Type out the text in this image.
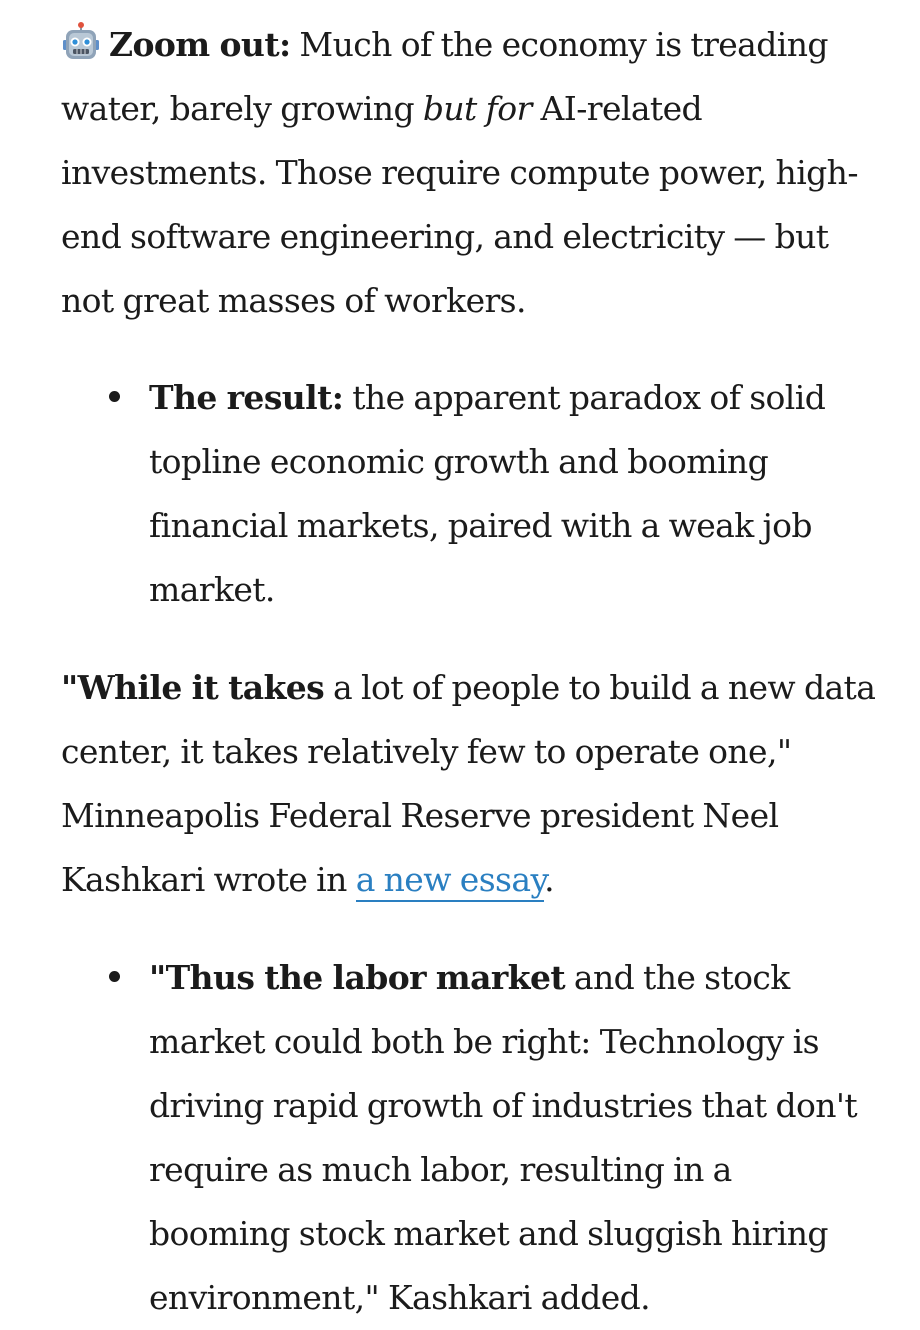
Zoom out: Much of the economy is treading water, barely growing but for AI-related investments. Those require compute power, high-end software engineering, and electricity — but not great masses of workers.

The result: the apparent paradox of solid topline economic growth and booming financial markets, paired with a weak job market.

"While it takes a lot of people to build a new data center, it takes relatively few to operate one," Minneapolis Federal Reserve president Neel Kashkari wrote in a new essay.

"Thus the labor market and the stock market could both be right: Technology is driving rapid growth of industries that don't require as much labor, resulting in a booming stock market and sluggish hiring environment," Kashkari added.
